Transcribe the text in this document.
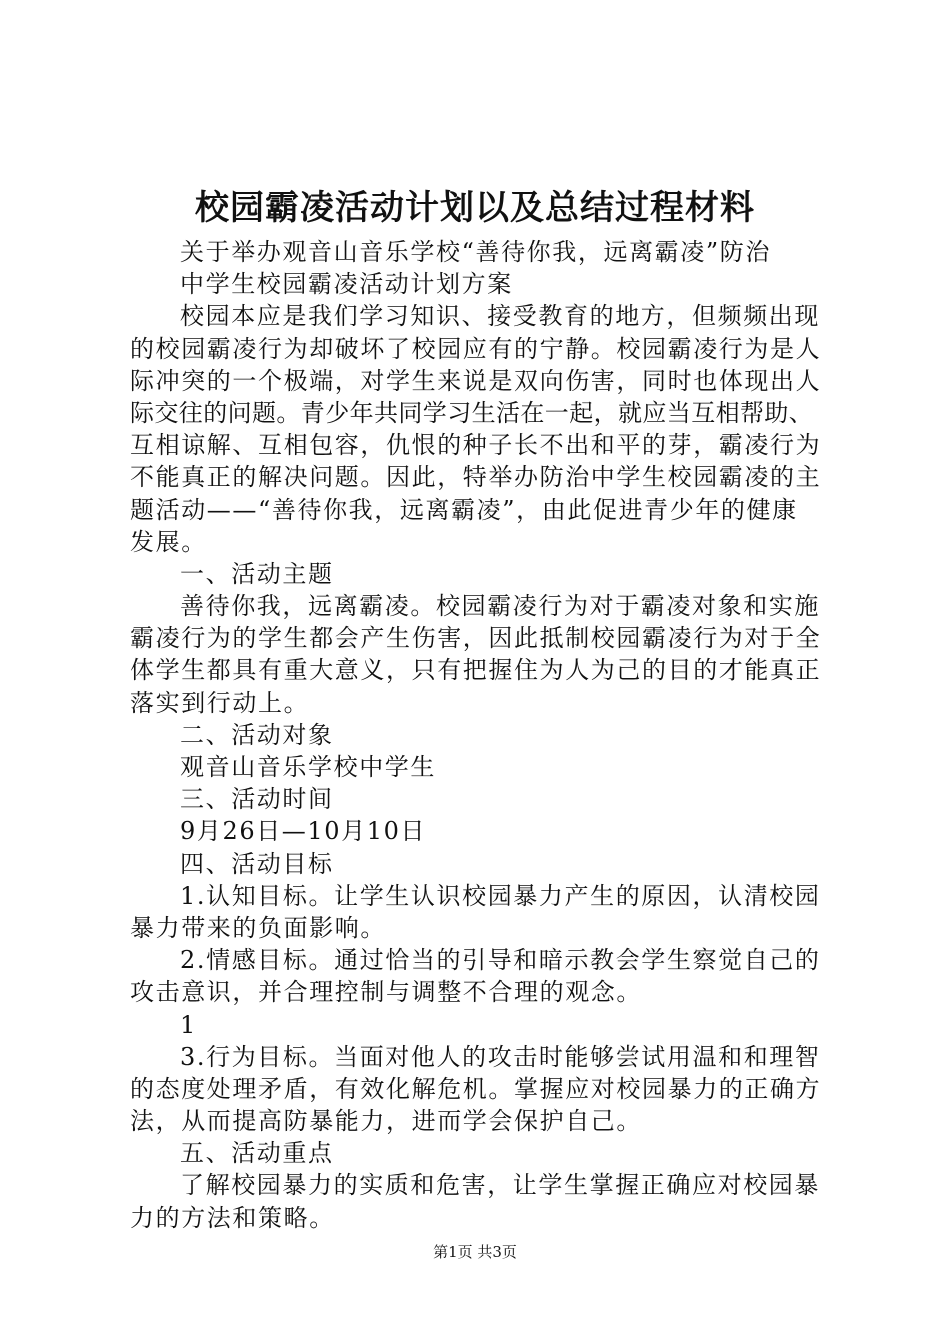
校园霸凌活动计划以及总结过程材料
关于举办观音山音乐学校“善待你我，远离霸凌”防治
中学生校园霸凌活动计划方案
校园本应是我们学习知识、接受教育的地方，但频频出现
的校园霸凌行为却破坏了校园应有的宁静。校园霸凌行为是人
际冲突的一个极端，对学生来说是双向伤害，同时也体现出人
际交往的问题。青少年共同学习生活在一起，就应当互相帮助、
互相谅解、互相包容，仇恨的种子长不出和平的芽，霸凌行为
不能真正的解决问题。因此，特举办防治中学生校园霸凌的主
题活动——“善待你我，远离霸凌”，由此促进青少年的健康
发展。
一、活动主题
善待你我，远离霸凌。校园霸凌行为对于霸凌对象和实施
霸凌行为的学生都会产生伤害，因此抵制校园霸凌行为对于全
体学生都具有重大意义，只有把握住为人为己的目的才能真正
落实到行动上。
二、活动对象
观音山音乐学校中学生
三、活动时间
9月26日—10月10日
四、活动目标
1.认知目标。让学生认识校园暴力产生的原因，认清校园
暴力带来的负面影响。
2.情感目标。通过恰当的引导和暗示教会学生察觉自己的
攻击意识，并合理控制与调整不合理的观念。
1
3.行为目标。当面对他人的攻击时能够尝试用温和和理智
的态度处理矛盾，有效化解危机。掌握应对校园暴力的正确方
法，从而提高防暴能力，进而学会保护自己。
五、活动重点
了解校园暴力的实质和危害，让学生掌握正确应对校园暴
力的方法和策略。
第1页 共3页
